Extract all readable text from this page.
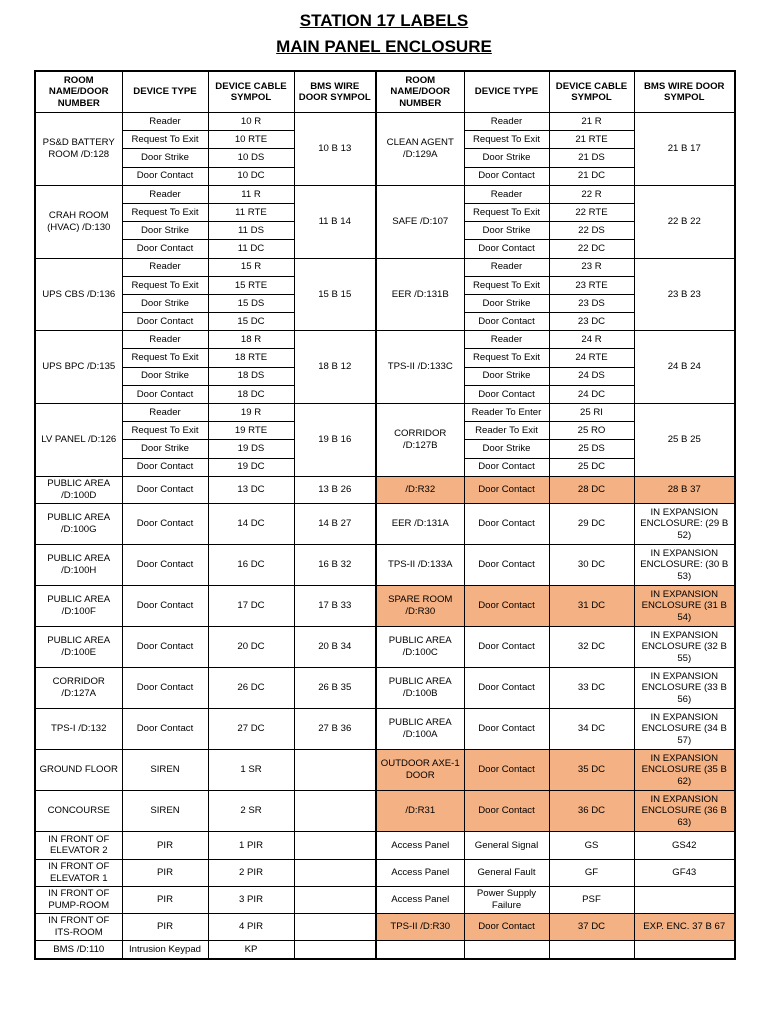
STATION 17 LABELS
MAIN PANEL ENCLOSURE
ROOM NAME/DOOR NUMBER	DEVICE TYPE	DEVICE CABLE SYMPOL	BMS WIRE DOOR SYMPOL	ROOM NAME/DOOR NUMBER	DEVICE TYPE	DEVICE CABLE SYMPOL	BMS WIRE DOOR SYMPOL
PS&D BATTERY ROOM /D:128	Reader	10 R	10 B 13	CLEAN AGENT /D:129A	Reader	21 R	21 B 17
	Request To Exit	10 RTE			Request To Exit	21 RTE	
	Door Strike	10 DS			Door Strike	21 DS	
	Door Contact	10 DC			Door Contact	21 DC	
CRAH ROOM (HVAC) /D:130	Reader	11 R	11 B 14	SAFE /D:107	Reader	22 R	22 B 22
	Request To Exit	11 RTE			Request To Exit	22 RTE	
	Door Strike	11 DS			Door Strike	22 DS	
	Door Contact	11 DC			Door Contact	22 DC	
UPS CBS /D:136	Reader	15 R	15 B 15	EER /D:131B	Reader	23 R	23 B 23
	Request To Exit	15 RTE			Request To Exit	23 RTE	
	Door Strike	15 DS			Door Strike	23 DS	
	Door Contact	15 DC			Door Contact	23 DC	
UPS BPC /D:135	Reader	18 R	18 B 12	TPS-II /D:133C	Reader	24 R	24 B 24
	Request To Exit	18 RTE			Request To Exit	24 RTE	
	Door Strike	18 DS			Door Strike	24 DS	
	Door Contact	18 DC			Door Contact	24 DC	
LV PANEL /D:126	Reader	19 R	19 B 16	CORRIDOR /D:127B	Reader To Enter	25 RI	25 B 25
	Request To Exit	19 RTE			Reader To Exit	25 RO	
	Door Strike	19 DS			Door Strike	25 DS	
	Door Contact	19 DC			Door Contact	25 DC	
PUBLIC AREA /D:100D	Door Contact	13 DC	13 B 26	/D:R32	Door Contact	28 DC	28 B 37
PUBLIC AREA /D:100G	Door Contact	14 DC	14 B 27	EER /D:131A	Door Contact	29 DC	IN EXPANSION ENCLOSURE: (29 B 52)
PUBLIC AREA /D:100H	Door Contact	16 DC	16 B 32	TPS-II /D:133A	Door Contact	30 DC	IN EXPANSION ENCLOSURE: (30 B 53)
PUBLIC AREA /D:100F	Door Contact	17 DC	17 B 33	SPARE ROOM /D:R30	Door Contact	31 DC	IN EXPANSION ENCLOSURE (31 B 54)
PUBLIC AREA /D:100E	Door Contact	20 DC	20 B 34	PUBLIC AREA /D:100C	Door Contact	32 DC	IN EXPANSION ENCLOSURE (32 B 55)
CORRIDOR /D:127A	Door Contact	26 DC	26 B 35	PUBLIC AREA /D:100B	Door Contact	33 DC	IN EXPANSION ENCLOSURE (33 B 56)
TPS-I /D:132	Door Contact	27 DC	27 B 36	PUBLIC AREA /D:100A	Door Contact	34 DC	IN EXPANSION ENCLOSURE (34 B 57)
GROUND FLOOR	SIREN	1 SR		OUTDOOR AXE-1 DOOR	Door Contact	35 DC	IN EXPANSION ENCLOSURE (35 B 62)
CONCOURSE	SIREN	2 SR		/D:R31	Door Contact	36 DC	IN EXPANSION ENCLOSURE (36 B 63)
IN FRONT OF ELEVATOR 2	PIR	1 PIR		Access Panel	General Signal	GS	GS42
IN FRONT OF ELEVATOR 1	PIR	2 PIR		Access Panel	General Fault	GF	GF43
IN FRONT OF PUMP-ROOM	PIR	3 PIR		Access Panel	Power Supply Failure	PSF	
IN FRONT OF ITS-ROOM	PIR	4 PIR		TPS-II /D:R30	Door Contact	37 DC	EXP. ENC. 37 B 67
BMS /D:110	Intrusion Keypad	KP					
